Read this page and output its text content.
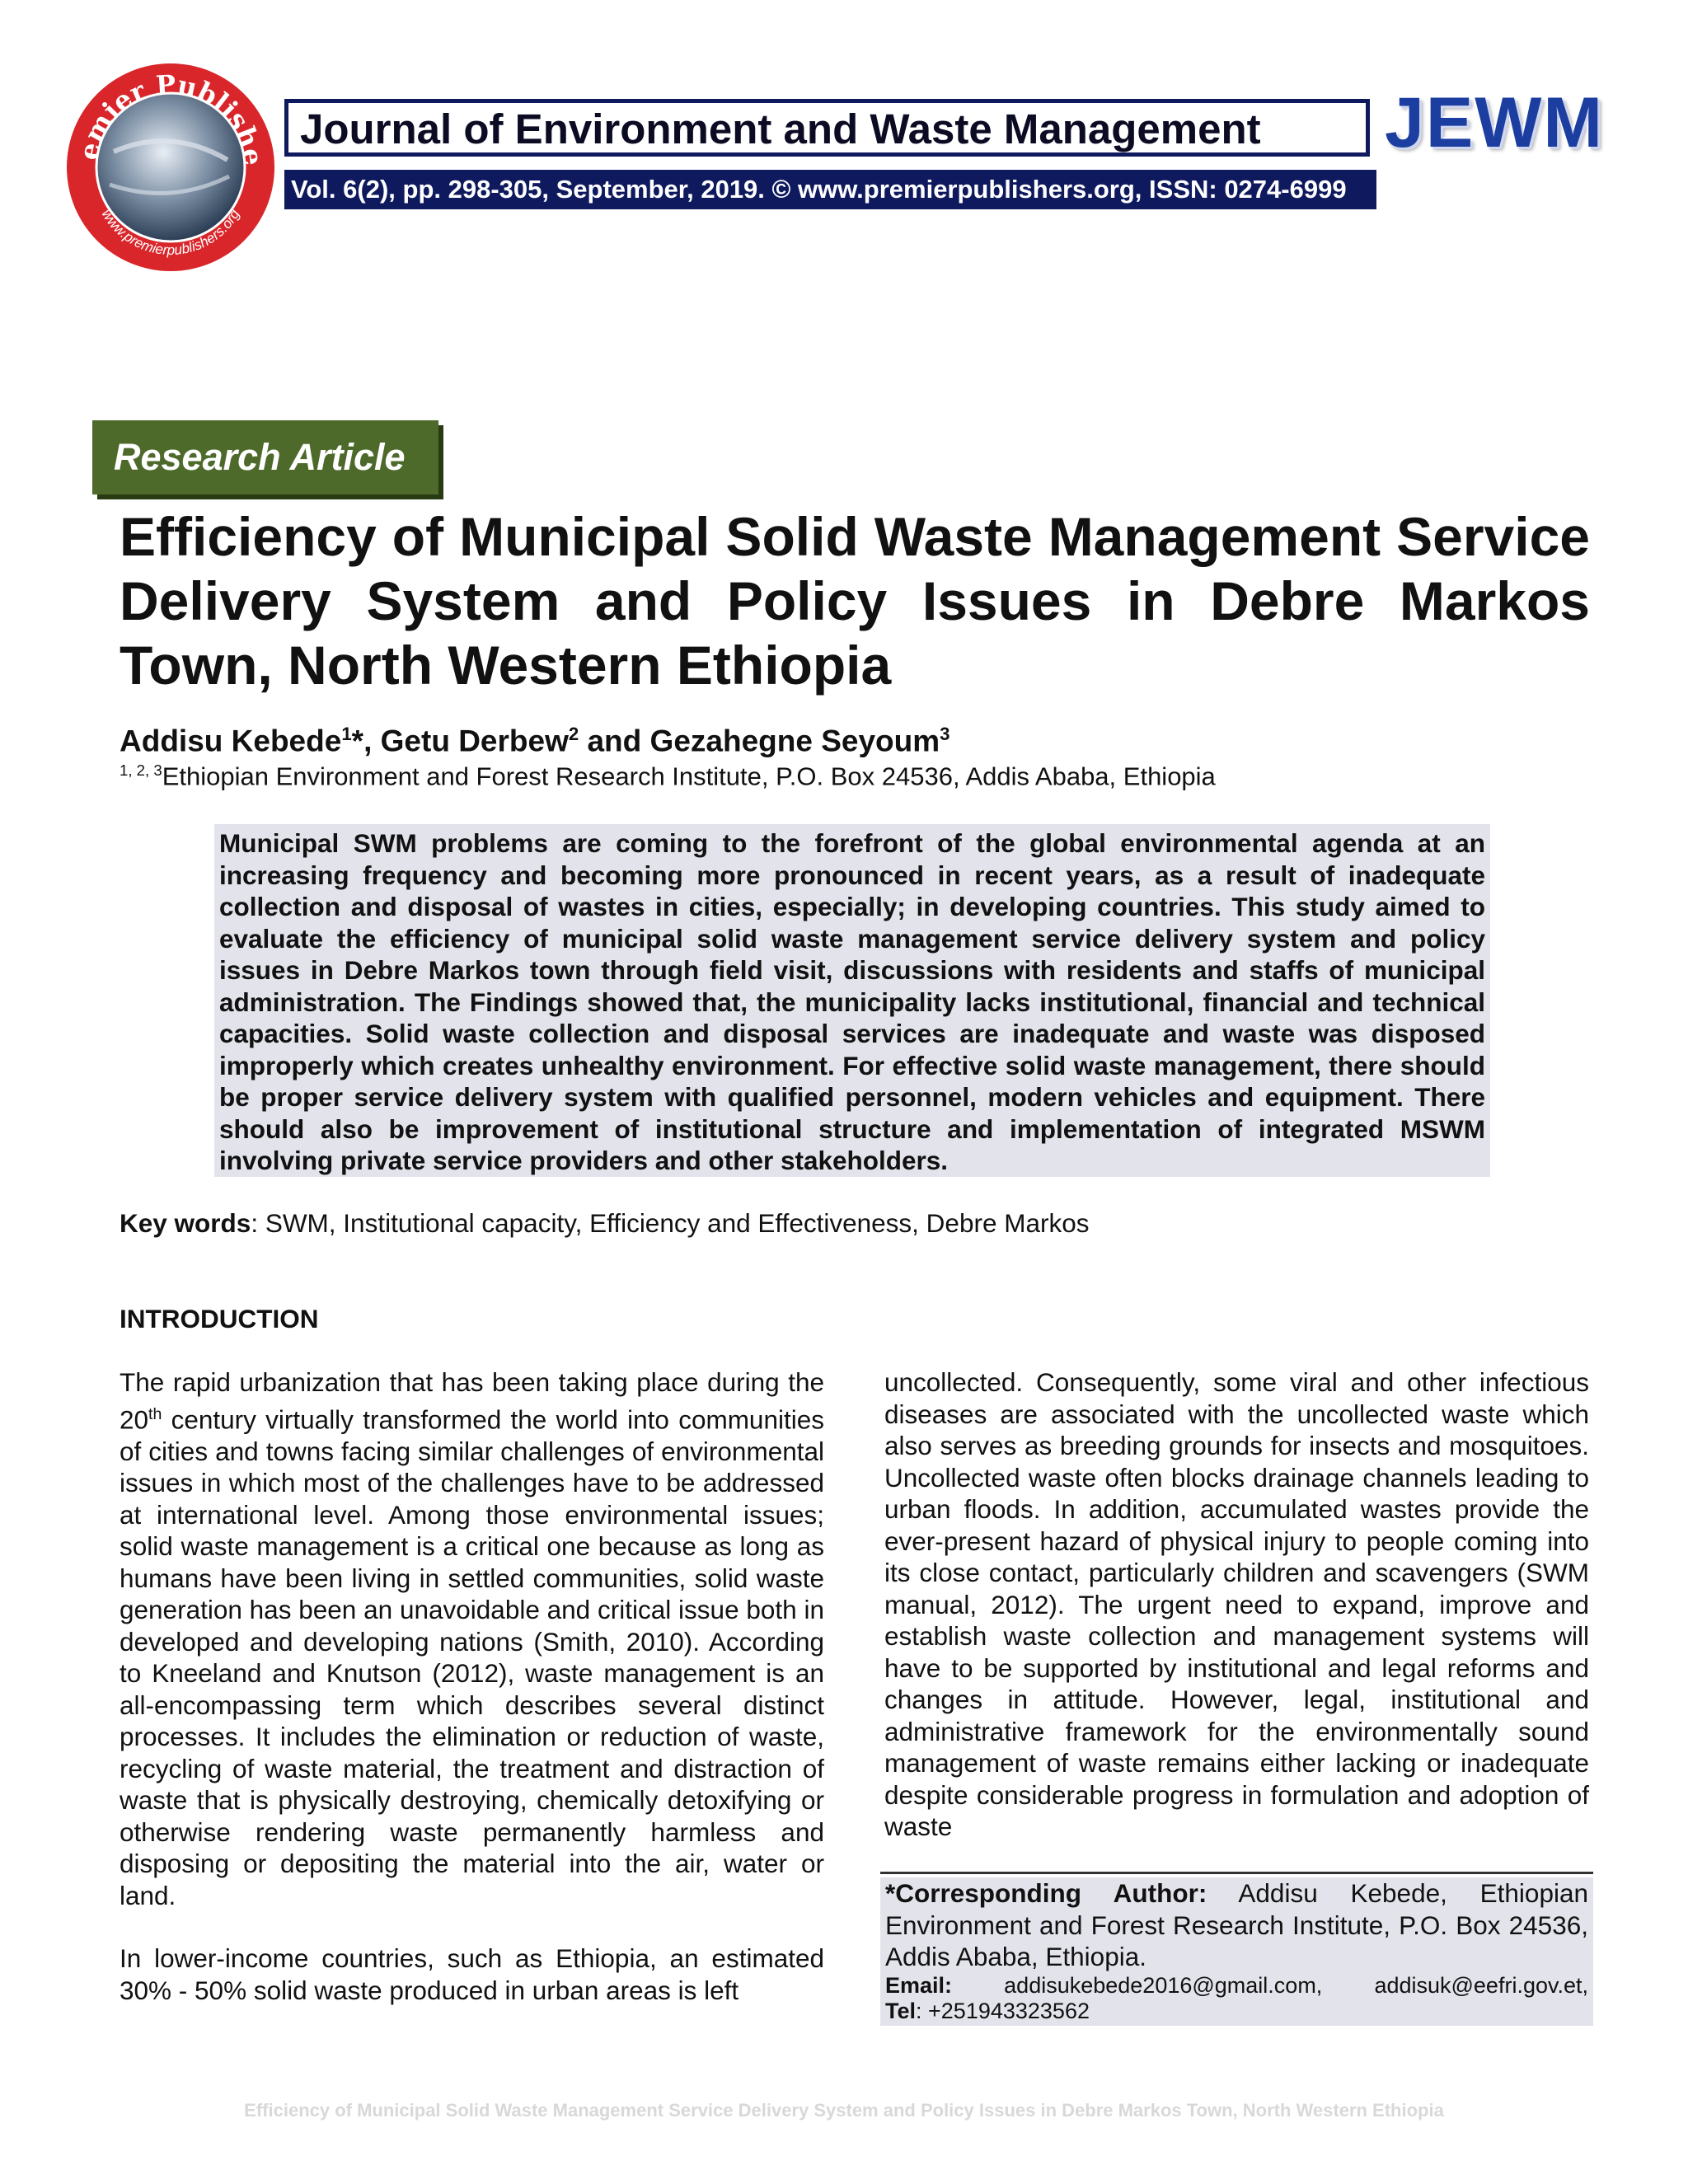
emier Publishe
www.premierpublishers.org
Journal of Environment and Waste Management
Vol. 6(2), pp. 298-305, September, 2019. © www.premierpublishers.org, ISSN: 0274-6999
JEWM
Research Article
Efficiency of Municipal Solid Waste Management Service Delivery System and Policy Issues in Debre Markos Town, North Western Ethiopia
Addisu Kebede$^1$*, Getu Derbew$^2$ and Gezahegne Seyoum$^3$
$^{1, 2, 3}$Ethiopian Environment and Forest Research Institute, P.O. Box 24536, Addis Ababa, Ethiopia

Municipal SWM problems are coming to the forefront of the global environmental agenda at an increasing frequency and becoming more pronounced in recent years, as a result of inadequate collection and disposal of wastes in cities, especially; in developing countries. This study aimed to evaluate the efficiency of municipal solid waste management service delivery system and policy issues in Debre Markos town through field visit, discussions with residents and staffs of municipal administration. The Findings showed that, the municipality lacks institutional, financial and technical capacities. Solid waste collection and disposal services are inadequate and waste was disposed improperly which creates unhealthy environment. For effective solid waste management, there should be proper service delivery system with qualified personnel, modern vehicles and equipment. There should also be improvement of institutional structure and implementation of integrated MSWM involving private service providers and other stakeholders.

Key words: SWM, Institutional capacity, Efficiency and Effectiveness, Debre Markos
INTRODUCTION

The rapid urbanization that has been taking place during the 20th century virtually transformed the world into communities of cities and towns facing similar challenges of environmental issues in which most of the challenges have to be addressed at international level. Among those environmental issues; solid waste management is a critical one because as long as humans have been living in settled communities, solid waste generation has been an unavoidable and critical issue both in developed and developing nations (Smith, 2010). According to Kneeland and Knutson (2012), waste management is an all-encompassing term which describes several distinct processes. It includes the elimination or reduction of waste, recycling of waste material, the treatment and distraction of waste that is physically destroying, chemically detoxifying or otherwise rendering waste permanently harmless and disposing or depositing the material into the air, water or land.

In lower-income countries, such as Ethiopia, an estimated 30% - 50% solid waste produced in urban areas is left

uncollected. Consequently, some viral and other infectious diseases are associated with the uncollected waste which also serves as breeding grounds for insects and mosquitoes. Uncollected waste often blocks drainage channels leading to urban floods. In addition, accumulated wastes provide the ever-present hazard of physical injury to people coming into its close contact, particularly children and scavengers (SWM manual, 2012). The urgent need to expand, improve and establish waste collection and management systems will have to be supported by institutional and legal reforms and changes in attitude. However, legal, institutional and administrative framework for the environmentally sound management of waste remains either lacking or inadequate despite considerable progress in formulation and adoption of waste

*Corresponding Author: Addisu Kebede, Ethiopian Environment and Forest Research Institute, P.O. Box 24536, Addis Ababa, Ethiopia.
Email: addisukebede2016@gmail.com, addisuk@eefri.gov.et,
Tel: +251943323562
Efficiency of Municipal Solid Waste Management Service Delivery System and Policy Issues in Debre Markos Town, North Western Ethiopia
